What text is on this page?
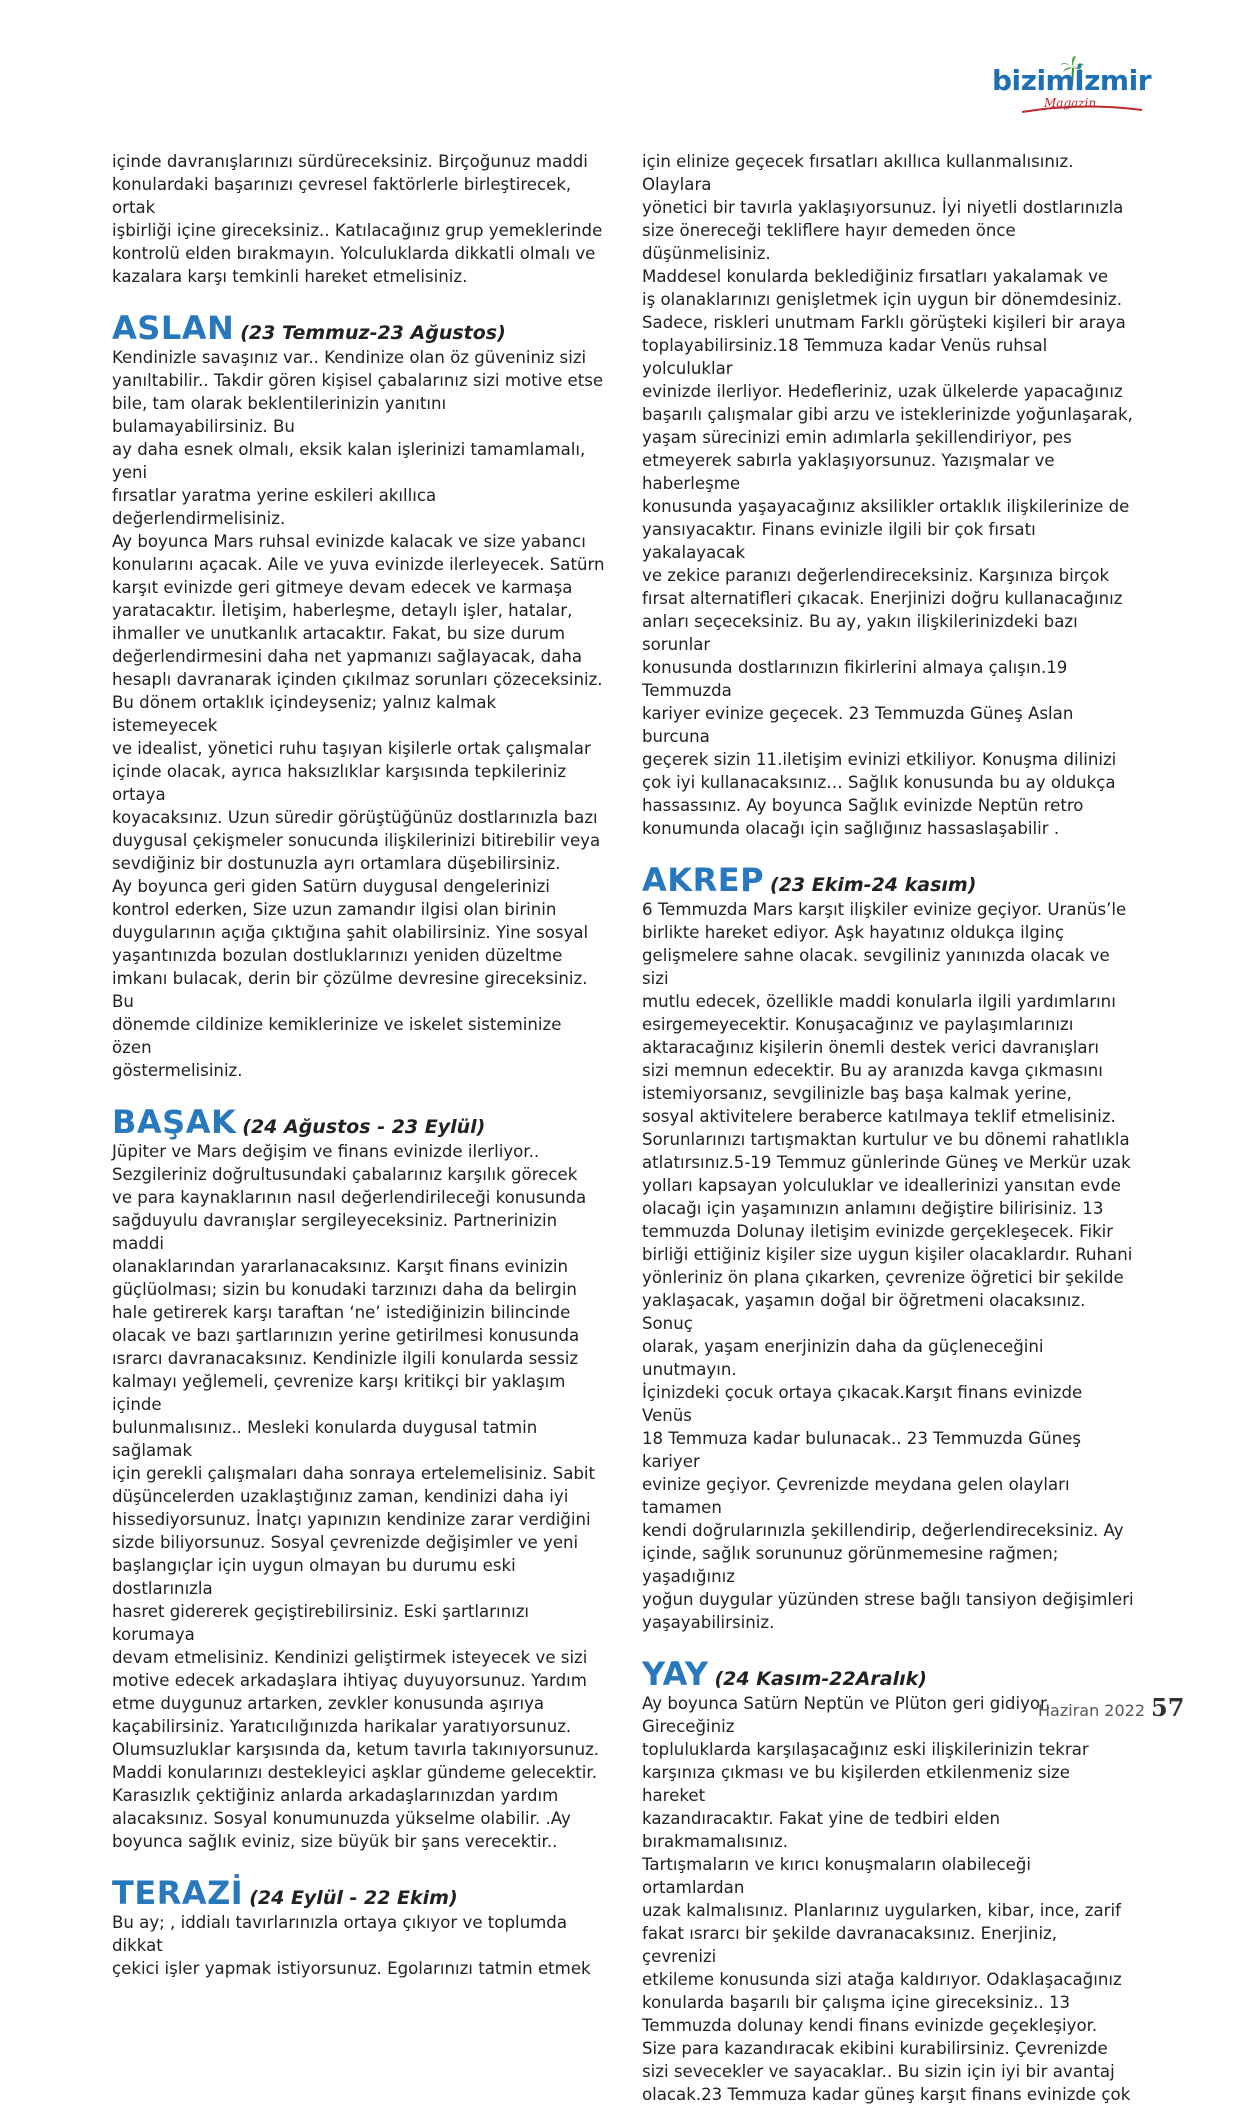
bizimİzmir
Magazin

içinde davranışlarınızı sürdüreceksiniz. Birçoğunuz maddi
konulardaki başarınızı çevresel faktörlerle birleştirecek, ortak
işbirliği içine gireceksiniz.. Katılacağınız grup yemeklerinde
kontrolü elden bırakmayın. Yolculuklarda dikkatli olmalı ve
kazalara karşı temkinli hareket etmelisiniz.

ASLAN (23 Temmuz-23 Ağustos)

Kendinizle savaşınız var.. Kendinize olan öz güveniniz sizi
yanıltabilir.. Takdir gören kişisel çabalarınız sizi motive etse
bile, tam olarak beklentilerinizin yanıtını bulamayabilirsiniz. Bu
ay daha esnek olmalı, eksik kalan işlerinizi tamamlamalı, yeni
fırsatlar yaratma yerine eskileri akıllıca değerlendirmelisiniz.
Ay boyunca Mars ruhsal evinizde kalacak ve size yabancı
konularını açacak. Aile ve yuva evinizde ilerleyecek. Satürn
karşıt evinizde geri gitmeye devam edecek ve karmaşa
yaratacaktır. İletişim, haberleşme, detaylı işler, hatalar,
ihmaller ve unutkanlık artacaktır. Fakat, bu size durum
değerlendirmesini daha net yapmanızı sağlayacak, daha
hesaplı davranarak içinden çıkılmaz sorunları çözeceksiniz.
Bu dönem ortaklık içindeyseniz; yalnız kalmak istemeyecek
ve idealist, yönetici ruhu taşıyan kişilerle ortak çalışmalar
içinde olacak, ayrıca haksızlıklar karşısında tepkileriniz ortaya
koyacaksınız. Uzun süredir görüştüğünüz dostlarınızla bazı
duygusal çekişmeler sonucunda ilişkilerinizi bitirebilir veya
sevdiğiniz bir dostunuzla ayrı ortamlara düşebilirsiniz.
Ay boyunca geri giden Satürn duygusal dengelerinizi
kontrol ederken, Size uzun zamandır ilgisi olan birinin
duygularının açığa çıktığına şahit olabilirsiniz. Yine sosyal
yaşantınızda bozulan dostluklarınızı yeniden düzeltme
imkanı bulacak, derin bir çözülme devresine gireceksiniz. Bu
dönemde cildinize kemiklerinize ve iskelet sisteminize özen
göstermelisiniz.

BAŞAK (24 Ağustos - 23 Eylül)

Jüpiter ve Mars değişim ve finans evinizde ilerliyor..
Sezgileriniz doğrultusundaki çabalarınız karşılık görecek
ve para kaynaklarının nasıl değerlendirileceği konusunda
sağduyulu davranışlar sergileyeceksiniz. Partnerinizin maddi
olanaklarından yararlanacaksınız. Karşıt finans evinizin
güçlüolması; sizin bu konudaki tarzınızı daha da belirgin
hale getirerek karşı taraftan ‘ne’ istediğinizin bilincinde
olacak ve bazı şartlarınızın yerine getirilmesi konusunda
ısrarcı davranacaksınız. Kendinizle ilgili konularda sessiz
kalmayı yeğlemeli, çevrenize karşı kritikçi bir yaklaşım içinde
bulunmalısınız.. Mesleki konularda duygusal tatmin sağlamak
için gerekli çalışmaları daha sonraya ertelemelisiniz. Sabit
düşüncelerden uzaklaştığınız zaman, kendinizi daha iyi
hissediyorsunuz. İnatçı yapınızın kendinize zarar verdiğini
sizde biliyorsunuz. Sosyal çevrenizde değişimler ve yeni
başlangıçlar için uygun olmayan bu durumu eski dostlarınızla
hasret gidererek geçiştirebilirsiniz. Eski şartlarınızı korumaya
devam etmelisiniz. Kendinizi geliştirmek isteyecek ve sizi
motive edecek arkadaşlara ihtiyaç duyuyorsunuz. Yardım
etme duygunuz artarken, zevkler konusunda aşırıya
kaçabilirsiniz. Yaratıcılığınızda harikalar yaratıyorsunuz.
Olumsuzluklar karşısında da, ketum tavırla takınıyorsunuz.
Maddi konularınızı destekleyici aşklar gündeme gelecektir.
Karasızlık çektiğiniz anlarda arkadaşlarınızdan yardım
alacaksınız. Sosyal konumunuzda yükselme olabilir. .Ay
boyunca sağlık eviniz, size büyük bir şans verecektir..

TERAZİ (24 Eylül - 22 Ekim)

Bu ay; , iddialı tavırlarınızla ortaya çıkıyor ve toplumda dikkat
çekici işler yapmak istiyorsunuz. Egolarınızı tatmin etmek

için elinize geçecek fırsatları akıllıca kullanmalısınız. Olaylara
yönetici bir tavırla yaklaşıyorsunuz. İyi niyetli dostlarınızla
size önereceği tekliflere hayır demeden önce düşünmelisiniz.
Maddesel konularda beklediğiniz fırsatları yakalamak ve
iş olanaklarınızı genişletmek için uygun bir dönemdesiniz.
Sadece, riskleri unutmam Farklı görüşteki kişileri bir araya
toplayabilirsiniz.18 Temmuza kadar Venüs ruhsal yolculuklar
evinizde ilerliyor. Hedefleriniz, uzak ülkelerde yapacağınız
başarılı çalışmalar gibi arzu ve isteklerinizde yoğunlaşarak,
yaşam sürecinizi emin adımlarla şekillendiriyor, pes
etmeyerek sabırla yaklaşıyorsunuz. Yazışmalar ve haberleşme
konusunda yaşayacağınız aksilikler ortaklık ilişkilerinize de
yansıyacaktır. Finans evinizle ilgili bir çok fırsatı yakalayacak
ve zekice paranızı değerlendireceksiniz. Karşınıza birçok
fırsat alternatifleri çıkacak. Enerjinizi doğru kullanacağınız
anları seçeceksiniz. Bu ay, yakın ilişkilerinizdeki bazı sorunlar
konusunda dostlarınızın fikirlerini almaya çalışın.19 Temmuzda
kariyer evinize geçecek. 23 Temmuzda Güneş Aslan burcuna
geçerek sizin 11.iletişim evinizi etkiliyor. Konuşma dilinizi
çok iyi kullanacaksınız… Sağlık konusunda bu ay oldukça
hassassınız. Ay boyunca Sağlık evinizde Neptün retro
konumunda olacağı için sağlığınız hassaslaşabilir .

AKREP (23 Ekim-24 kasım)

6 Temmuzda Mars karşıt ilişkiler evinize geçiyor. Uranüs’le
birlikte hareket ediyor. Aşk hayatınız oldukça ilginç
gelişmelere sahne olacak. sevgiliniz yanınızda olacak ve sizi
mutlu edecek, özellikle maddi konularla ilgili yardımlarını
esirgemeyecektir. Konuşacağınız ve paylaşımlarınızı
aktaracağınız kişilerin önemli destek verici davranışları
sizi memnun edecektir. Bu ay aranızda kavga çıkmasını
istemiyorsanız, sevgilinizle baş başa kalmak yerine,
sosyal aktivitelere beraberce katılmaya teklif etmelisiniz.
Sorunlarınızı tartışmaktan kurtulur ve bu dönemi rahatlıkla
atlatırsınız.5-19 Temmuz günlerinde Güneş ve Merkür uzak
yolları kapsayan yolculuklar ve ideallerinizi yansıtan evde
olacağı için yaşamınızın anlamını değiştire bilirisiniz. 13
temmuzda Dolunay iletişim evinizde gerçekleşecek. Fikir
birliği ettiğiniz kişiler size uygun kişiler olacaklardır. Ruhani
yönleriniz ön plana çıkarken, çevrenize öğretici bir şekilde
yaklaşacak, yaşamın doğal bir öğretmeni olacaksınız. Sonuç
olarak, yaşam enerjinizin daha da güçleneceğini unutmayın.
İçinizdeki çocuk ortaya çıkacak.Karşıt finans evinizde Venüs
18 Temmuza kadar bulunacak.. 23 Temmuzda Güneş kariyer
evinize geçiyor. Çevrenizde meydana gelen olayları tamamen
kendi doğrularınızla şekillendirip, değerlendireceksiniz. Ay
içinde, sağlık sorununuz görünmemesine rağmen; yaşadığınız
yoğun duygular yüzünden strese bağlı tansiyon değişimleri
yaşayabilirsiniz.

YAY (24 Kasım-22Aralık)

Ay boyunca Satürn Neptün ve Plüton geri gidiyor. Gireceğiniz
topluluklarda karşılaşacağınız eski ilişkilerinizin tekrar
karşınıza çıkması ve bu kişilerden etkilenmeniz size hareket
kazandıracaktır. Fakat yine de tedbiri elden bırakmamalısınız.
Tartışmaların ve kırıcı konuşmaların olabileceği ortamlardan
uzak kalmalısınız. Planlarınız uygularken, kibar, ince, zarif
fakat ısrarcı bir şekilde davranacaksınız. Enerjiniz, çevrenizi
etkileme konusunda sizi atağa kaldırıyor. Odaklaşacağınız
konularda başarılı bir çalışma içine gireceksiniz.. 13
Temmuzda dolunay kendi finans evinizde geçekleşiyor.
Size para kazandıracak ekibini kurabilirsiniz. Çevrenizde
sizi sevecekler ve sayacaklar.. Bu sizin için iyi bir avantaj
olacak.23 Temmuza kadar güneş karşıt finans evinizde çok

Haziran 2022 57
